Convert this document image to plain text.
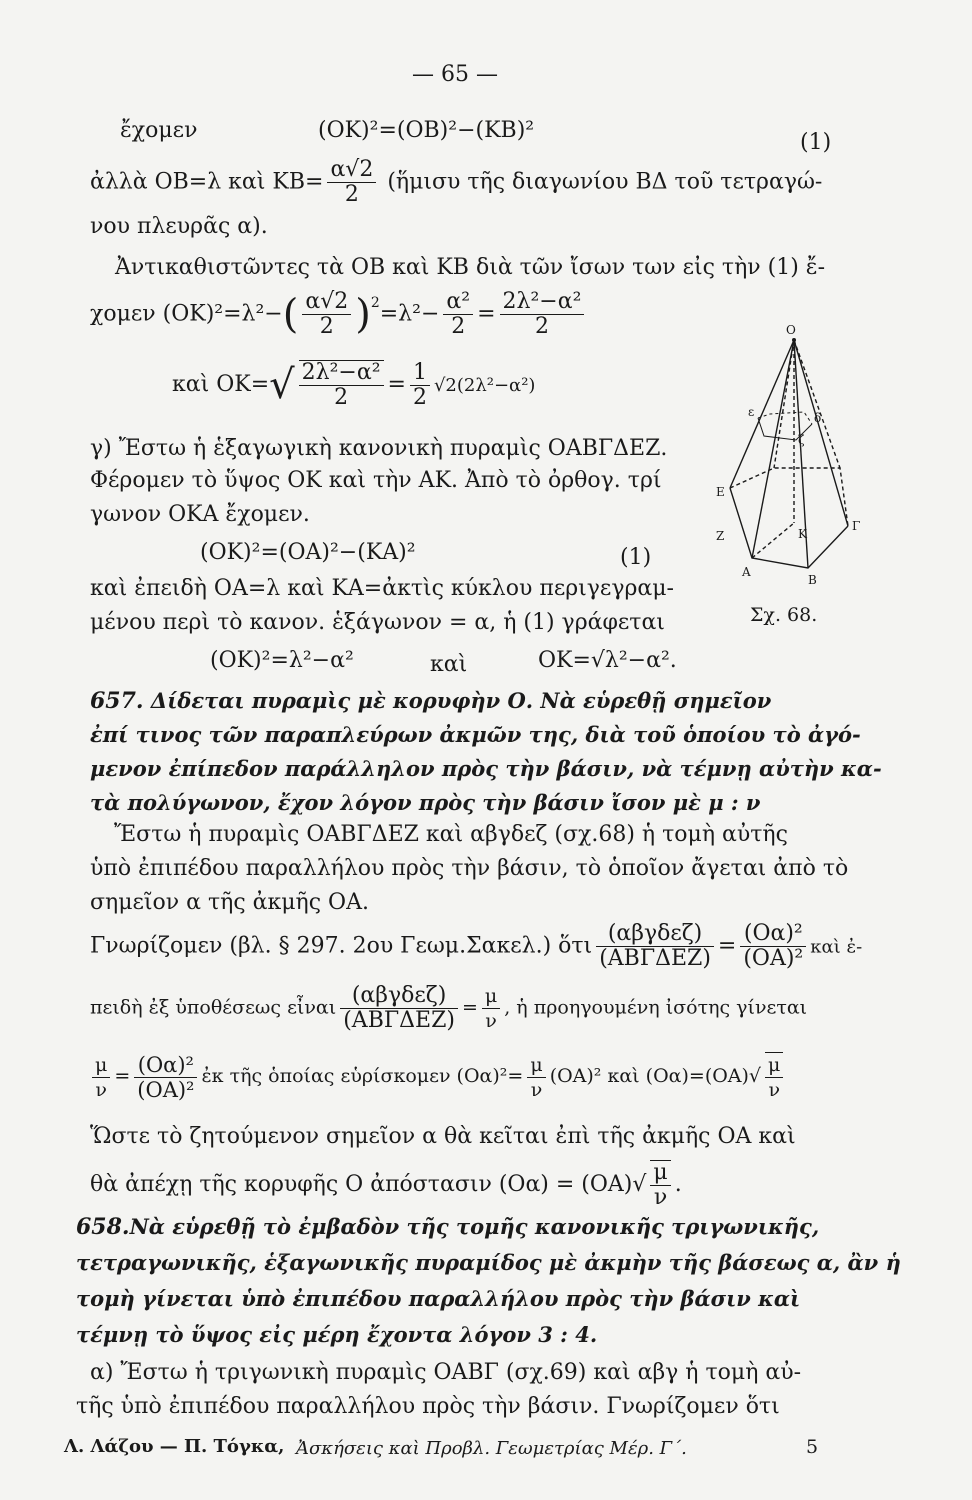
— 65 —
ἔχομεν	(ΟΚ)²=(ΟΒ)²−(ΚΒ)²	(1)
ἀλλὰ ΟΒ=λ καὶ $KB= \frac{\alpha√2}{2}$ (ἥμισυ τῆς διαγωνίου ΒΔ τοῦ τετραγώ-
νου πλευρᾶς α).
Ἀντικαθιστῶντες τὰ ΟΒ καὶ ΚΒ διὰ τῶν ἴσων των εἰς τὴν (1) ἔ-
χομεν $(OK)^2=\lambda^2-( \frac{\alpha√2}{2} )^2=\lambda^2- \frac{\text{α²}}{2} = \frac{\text{2λ²−α²}}{2}$
καὶ $OK=√ \frac{\text{2λ²−α²}}{2} = \frac{1}{2} √2(2\lambda^2-\alpha^2)$
γ) Ἔστω ἡ ἑξαγωγικὴ κανονικὴ πυραμὶς ΟΑΒΓΔΕΖ.
Φέρομεν τὸ ὕψος ΟΚ καὶ τὴν ΑΚ. Ἀπὸ τὸ ὀρθογ. τρί
γωνον ΟΚΑ ἔχομεν.
(ΟΚ)²=(ΟΑ)²−(ΚΑ)²	(1)
καὶ ἐπειδὴ ΟΑ=λ καὶ ΚΑ=ἀκτὶς κύκλου περιγεγραμ-
μένου περὶ τὸ κανον. ἑξάγωνον = α, ἡ (1) γράφεται	Σχ. 68.
(ΟΚ)²=λ²−α²	καὶ	ΟΚ=√λ²−α².
O
E
A
B
Γ
Ζ	K
ε
ζ
δ
657. Δίδεται πυραμὶς μὲ κορυφὴν Ο. Νὰ εὑρεθῇ σημεῖον
ἐπί τινος τῶν παραπλεύρων ἀκμῶν της, διὰ τοῦ ὁποίου τὸ ἀγό-
μενον ἐπίπεδον παράλληλον πρὸς τὴν βάσιν, νὰ τέμνῃ αὐτὴν κα-
τὰ πολύγωνον, ἔχον λόγον πρὸς τὴν βάσιν ἴσον μὲ μ : ν
Ἔστω ἡ πυραμὶς ΟΑΒΓΔΕΖ καὶ αβγδεζ (σχ.68) ἡ τομὴ αὐτῆς
ὑπὸ ἐπιπέδου παραλλήλου πρὸς τὴν βάσιν, τὸ ὁποῖον ἄγεται ἀπὸ τὸ
σημεῖον α τῆς ἀκμῆς ΟΑ.
Γνωρίζομεν (βλ. § 297. 2ου Γεωμ.Σακελ.) ὅτι $\frac{\text{(αβγδεζ)}}{\text{(ΑΒΓΔΕΖ)}} = \frac{\text{(Οα)²}}{\text{(ΟΑ)²}}$ καὶ ἐ-
πειδὴ ἐξ ὑποθέσεως εἶναι $\frac{\text{(αβγδεζ)}}{\text{(ΑΒΓΔΕΖ)}} = \frac{\mu}{\nu}$ , ἡ προηγουμένη ἰσότης γίνεται
$\frac{\mu}{\nu} = \frac{\text{(Οα)²}}{\text{(ΟΑ)²}}$ ἐκ τῆς ὁποίας εὑρίσκομεν $(O\alpha)^2= \frac{\mu}{\nu} (OA)^2$ καὶ $(O\alpha)=(OA)√ \frac{\mu}{\nu}$
Ὥστε τὸ ζητούμενον σημεῖον α θὰ κεῖται ἐπὶ τῆς ἀκμῆς ΟΑ καὶ
θὰ ἀπέχῃ τῆς κορυφῆς Ο ἀπόστασιν $(O\alpha) = (OA)√ \frac{\mu}{\nu}$ .
658.Νὰ εὑρεθῇ τὸ ἐμβαδὸν τῆς τομῆς κανονικῆς τριγωνικῆς,
τετραγωνικῆς, ἑξαγωνικῆς πυραμίδος μὲ ἀκμὴν τῆς βάσεως α, ἂν ἡ
τομὴ γίνεται ὑπὸ ἐπιπέδου παραλλήλου πρὸς τὴν βάσιν καὶ
τέμνῃ τὸ ὕψος εἰς μέρη ἔχοντα λόγον 3 : 4.
α) Ἔστω ἡ τριγωνικὴ πυραμὶς ΟΑΒΓ (σχ.69) καὶ αβγ ἡ τομὴ αὐ-
τῆς ὑπὸ ἐπιπέδου παραλλήλου πρὸς τὴν βάσιν. Γνωρίζομεν ὅτι
Λ. Λάζου — Π. Τόγκα, Ἀσκήσεις καὶ Προβλ. Γεωμετρίας Μέρ. Γ΄.	5
